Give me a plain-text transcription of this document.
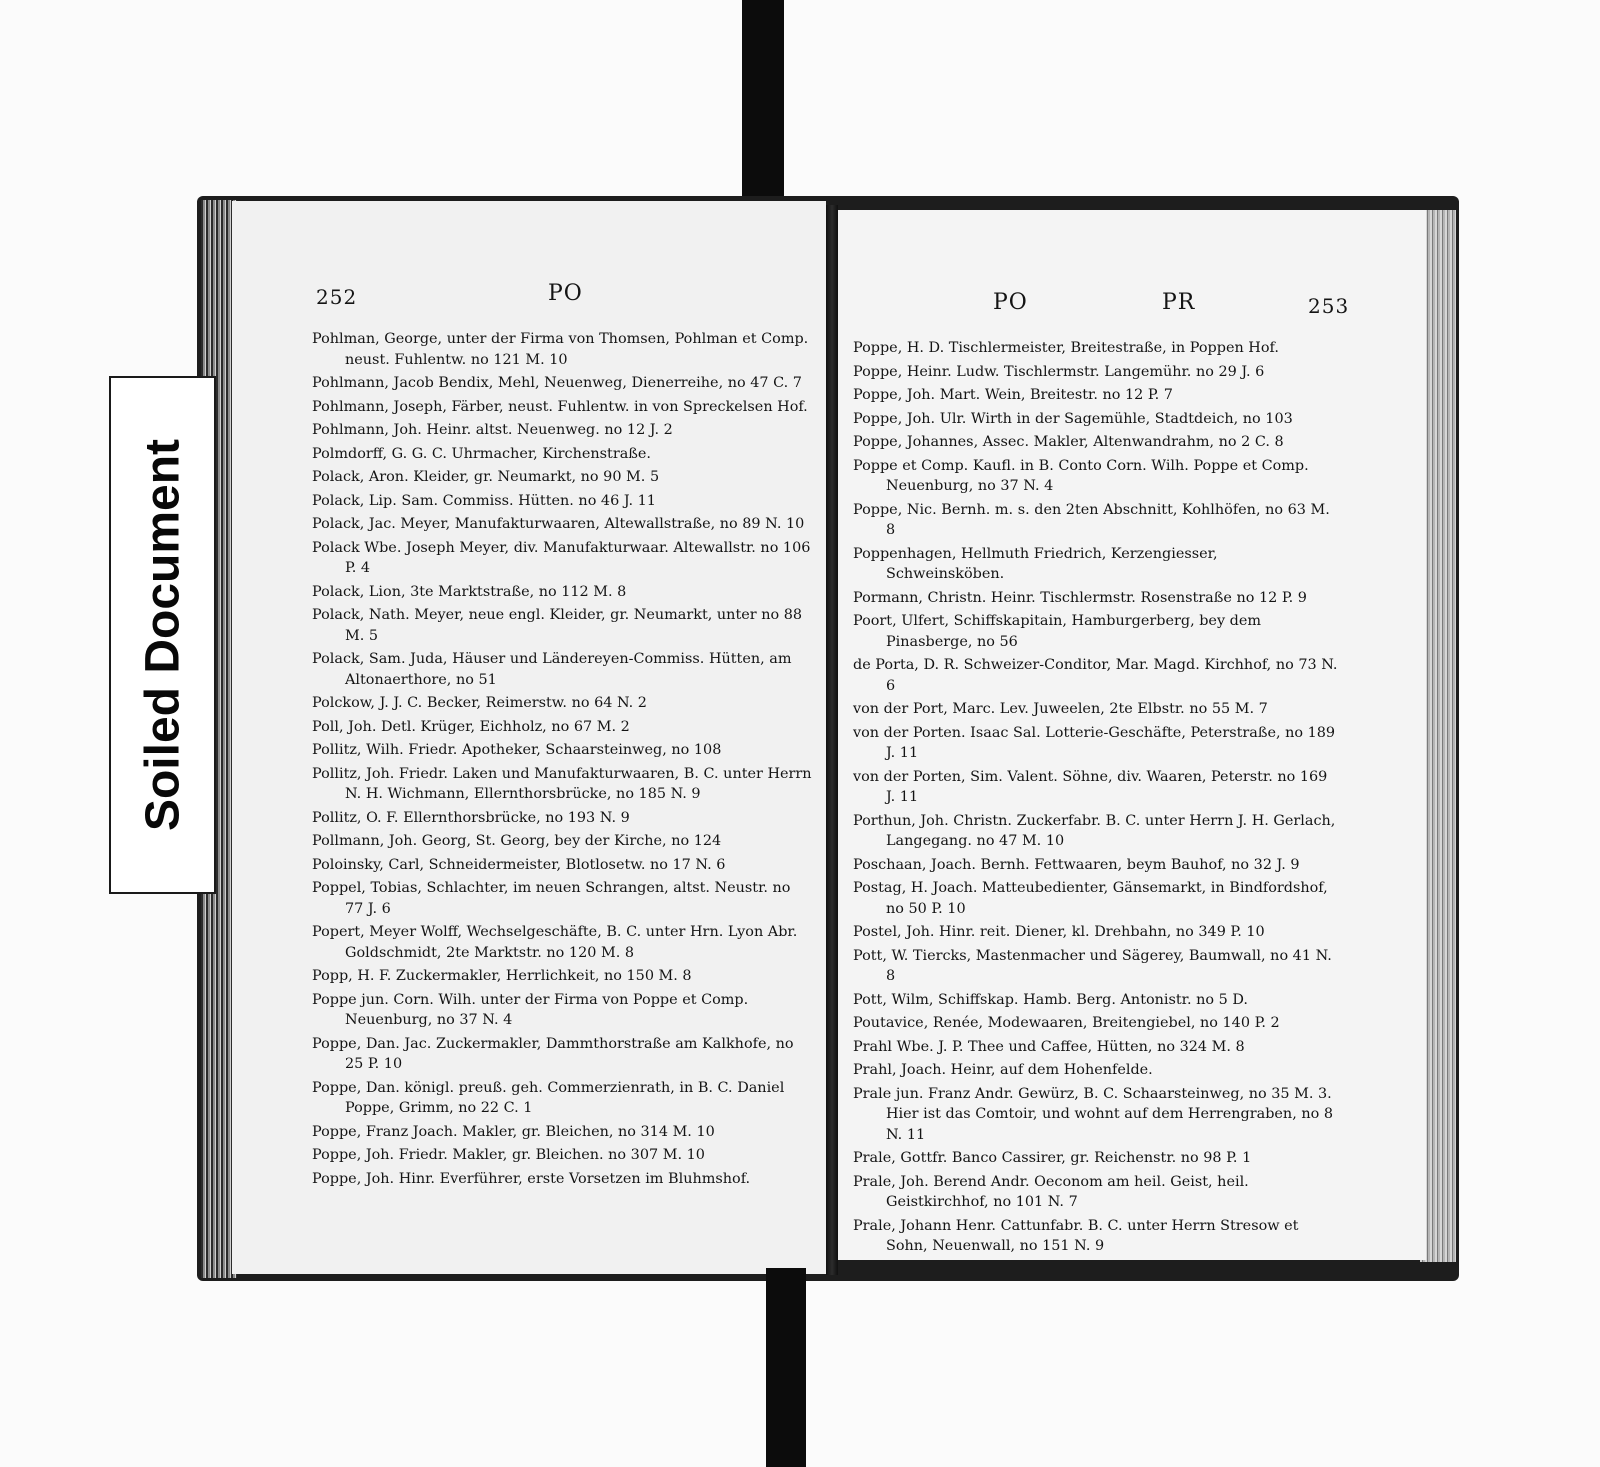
252	PO
Pohlman, George, unter der Firma von Thomsen, Pohlman et Comp. neust. Fuhlentw. no 121 M. 10
Pohlmann, Jacob Bendix, Mehl, Neuenweg, Dienerreihe, no 47 C. 7
Pohlmann, Joseph, Färber, neust. Fuhlentw. in von Spreckelsen Hof.
Pohlmann, Joh. Heinr. altst. Neuenweg. no 12 J. 2
Polmdorff, G. G. C. Uhrmacher, Kirchenstraße.
Polack, Aron. Kleider, gr. Neumarkt, no 90 M. 5
Polack, Lip. Sam. Commiss. Hütten. no 46 J. 11
Polack, Jac. Meyer, Manufakturwaaren, Altewallstraße, no 89 N. 10
Polack Wbe. Joseph Meyer, div. Manufakturwaar. Altewallstr. no 106 P. 4
Polack, Lion, 3te Marktstraße, no 112 M. 8
Polack, Nath. Meyer, neue engl. Kleider, gr. Neumarkt, unter no 88 M. 5
Polack, Sam. Juda, Häuser und Ländereyen-Commiss. Hütten, am Altonaerthore, no 51
Polckow, J. J. C. Becker, Reimerstw. no 64 N. 2
Poll, Joh. Detl. Krüger, Eichholz, no 67 M. 2
Pollitz, Wilh. Friedr. Apotheker, Schaarsteinweg, no 108
Pollitz, Joh. Friedr. Laken und Manufakturwaaren, B. C. unter Herrn N. H. Wichmann, Ellernthorsbrücke, no 185 N. 9
Pollitz, O. F. Ellernthorsbrücke, no 193 N. 9
Pollmann, Joh. Georg, St. Georg, bey der Kirche, no 124
Poloinsky, Carl, Schneidermeister, Blotlosetw. no 17 N. 6
Poppel, Tobias, Schlachter, im neuen Schrangen, altst. Neustr. no 77 J. 6
Popert, Meyer Wolff, Wechselgeschäfte, B. C. unter Hrn. Lyon Abr. Goldschmidt, 2te Marktstr. no 120 M. 8
Popp, H. F. Zuckermakler, Herrlichkeit, no 150 M. 8
Poppe jun. Corn. Wilh. unter der Firma von Poppe et Comp. Neuenburg, no 37 N. 4
Poppe, Dan. Jac. Zuckermakler, Dammthorstraße am Kalkhofe, no 25 P. 10
Poppe, Dan. königl. preuß. geh. Commerzienrath, in B. C. Daniel Poppe, Grimm, no 22 C. 1
Poppe, Franz Joach. Makler, gr. Bleichen, no 314 M. 10
Poppe, Joh. Friedr. Makler, gr. Bleichen. no 307 M. 10
Poppe, Joh. Hinr. Everführer, erste Vorsetzen im Bluhmshof.
PO	PR	253
Poppe, H. D. Tischlermeister, Breitestraße, in Poppen Hof.
Poppe, Heinr. Ludw. Tischlermstr. Langemühr. no 29 J. 6
Poppe, Joh. Mart. Wein, Breitestr. no 12 P. 7
Poppe, Joh. Ulr. Wirth in der Sagemühle, Stadtdeich, no 103
Poppe, Johannes, Assec. Makler, Altenwandrahm, no 2 C. 8
Poppe et Comp. Kaufl. in B. Conto Corn. Wilh. Poppe et Comp. Neuenburg, no 37 N. 4
Poppe, Nic. Bernh. m. s. den 2ten Abschnitt, Kohlhöfen, no 63 M. 8
Poppenhagen, Hellmuth Friedrich, Kerzengiesser, Schweinsköben.
Pormann, Christn. Heinr. Tischlermstr. Rosenstraße no 12 P. 9
Poort, Ulfert, Schiffskapitain, Hamburgerberg, bey dem Pinasberge, no 56
de Porta, D. R. Schweizer-Conditor, Mar. Magd. Kirchhof, no 73 N. 6
von der Port, Marc. Lev. Juweelen, 2te Elbstr. no 55 M. 7
von der Porten. Isaac Sal. Lotterie-Geschäfte, Peterstraße, no 189 J. 11
von der Porten, Sim. Valent. Söhne, div. Waaren, Peterstr. no 169 J. 11
Porthun, Joh. Christn. Zuckerfabr. B. C. unter Herrn J. H. Gerlach, Langegang. no 47 M. 10
Poschaan, Joach. Bernh. Fettwaaren, beym Bauhof, no 32 J. 9
Postag, H. Joach. Matteubedienter, Gänsemarkt, in Bindfordshof, no 50 P. 10
Postel, Joh. Hinr. reit. Diener, kl. Drehbahn, no 349 P. 10
Pott, W. Tiercks, Mastenmacher und Sägerey, Baumwall, no 41 N. 8
Pott, Wilm, Schiffskap. Hamb. Berg. Antonistr. no 5 D.
Poutavice, Renée, Modewaaren, Breitengiebel, no 140 P. 2
Prahl Wbe. J. P. Thee und Caffee, Hütten, no 324 M. 8
Prahl, Joach. Heinr, auf dem Hohenfelde.
Prale jun. Franz Andr. Gewürz, B. C. Schaarsteinweg, no 35 M. 3. Hier ist das Comtoir, und wohnt auf dem Herrengraben, no 8 N. 11
Prale, Gottfr. Banco Cassirer, gr. Reichenstr. no 98 P. 1
Prale, Joh. Berend Andr. Oeconom am heil. Geist, heil. Geistkirchhof, no 101 N. 7
Prale, Johann Henr. Cattunfabr. B. C. unter Herrn Stresow et Sohn, Neuenwall, no 151 N. 9
Soiled Document
